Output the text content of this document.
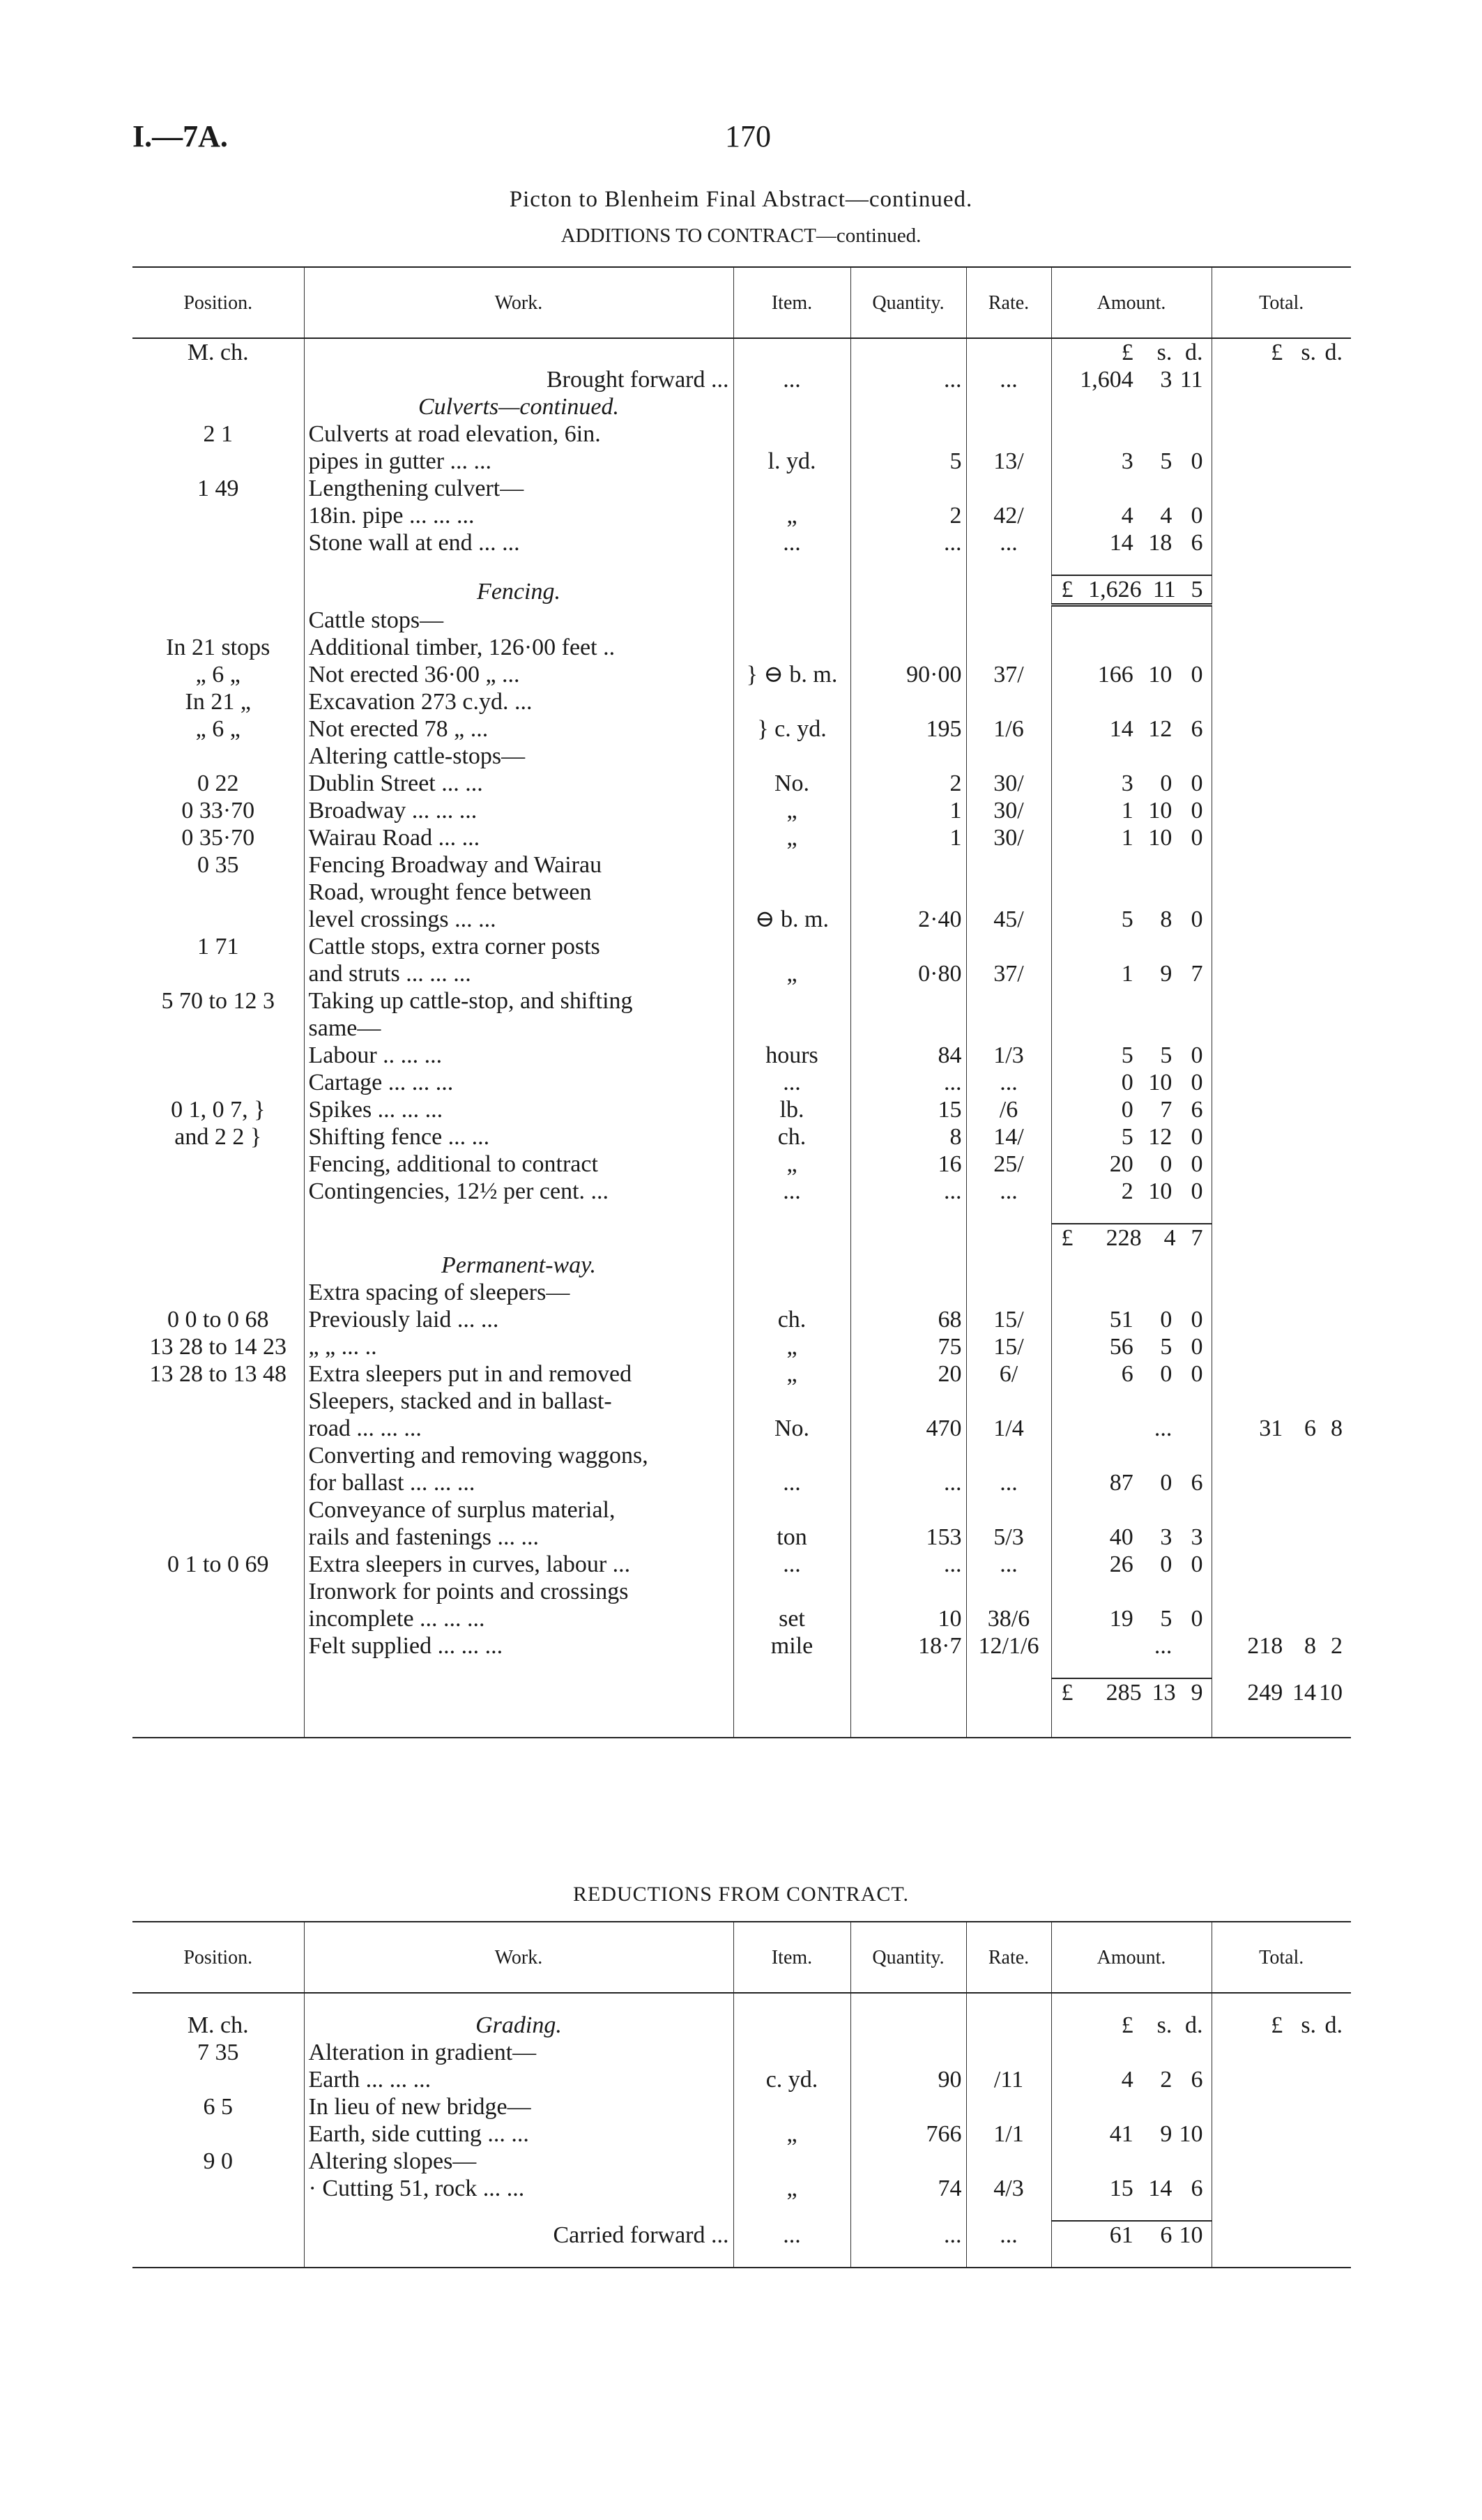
I.—7A.	170
Picton to Blenheim Final Abstract—continued.
ADDITIONS TO CONTRACT—continued.
Position.	Work.	Item.	Quantity.	Rate.	Amount.	Total.
M. ch.					£ s. d.	£ s. d.

	Brought forward ...	...	...	...	1,604 3 11	

	Culverts—continued.					
2 1	Culverts at road elevation, 6in.					
	pipes in gutter ... ...	l. yd.	5	13/	3 5 0	

1 49	Lengthening culvert—					
	18in. pipe ... ... ...	„	2	42/	4 4 0	

	Stone wall at end ... ...	...	...	...	14 18 6	

	Fencing.				£ 1,626 11 5	

	Cattle stops—					
In 21 stops	Additional timber, 126·00 feet ..					
„ 6 „	Not erected 36·00 „ ...	} ⊖ b. m.	90·00	37/	166 10 0	

In 21 „	Excavation 273 c.yd. ...					
„ 6 „	Not erected 78 „ ...	} c. yd.	195	1/6	14 12 6	

	Altering cattle-stops—					
0 22	Dublin Street ... ...	No.	2	30/	3 0 0	

0 33·70	Broadway ... ... ...	„	1	30/	1 10 0	

0 35·70	Wairau Road ... ...	„	1	30/	1 10 0	

0 35	Fencing Broadway and Wairau					
	Road, wrought fence between					
	level crossings ... ...	⊖ b. m.	2·40	45/	5 8 0	

1 71	Cattle stops, extra corner posts					
	and struts ... ... ...	„	0·80	37/	1 9 7	

5 70 to 12 3	Taking up cattle-stop, and shifting					
	same—					
	Labour .. ... ...	hours	84	1/3	5 5 0	

	Cartage ... ... ...	...	...	...	0 10 0	

0 1, 0 7, }	Spikes ... ... ...	lb.	15	/6	0 7 6	

and 2 2 }	Shifting fence ... ...	ch.	8	14/	5 12 0	

	Fencing, additional to contract	„	16	25/	20 0 0	

	Contingencies, 12½ per cent. ...	...	...	...	2 10 0	

					£ 228 4 7	

	Permanent-way.					
	Extra spacing of sleepers—					
0 0 to 0 68	Previously laid ... ...	ch.	68	15/	51 0 0	

13 28 to 14 23	„ „ ... ..	„	75	15/	56 5 0	

13 28 to 13 48	Extra sleepers put in and removed	„	20	6/	6 0 0	

	Sleepers, stacked and in ballast-					
	road ... ... ...	No.	470	1/4	...	31 6 8

	Converting and removing waggons,					
	for ballast ... ... ...	...	...	...	87 0 6	

	Conveyance of surplus material,					
	rails and fastenings ... ...	ton	153	5/3	40 3 3	

0 1 to 0 69	Extra sleepers in curves, labour ...	...	...	...	26 0 0	

	Ironwork for points and crossings					
	incomplete ... ... ...	set	10	38/6	19 5 0	

	Felt supplied ... ... ...	mile	18·7	12/1/6	...	218 8 2

					£ 285 13 9	249 14 10

REDUCTIONS FROM CONTRACT.
Position.	Work.	Item.	Quantity.	Rate.	Amount.	Total.

M. ch.	Grading.				£ s. d.	£ s. d.

7 35	Alteration in gradient—					
	Earth ... ... ...	c. yd.	90	/11	4 2 6	

6 5	In lieu of new bridge—					
	Earth, side cutting ... ...	„	766	1/1	41 9 10	

9 0	Altering slopes—					
	· Cutting 51, rock ... ...	„	74	4/3	15 14 6	

	Carried forward ...	...	...	...	61 6 10	
